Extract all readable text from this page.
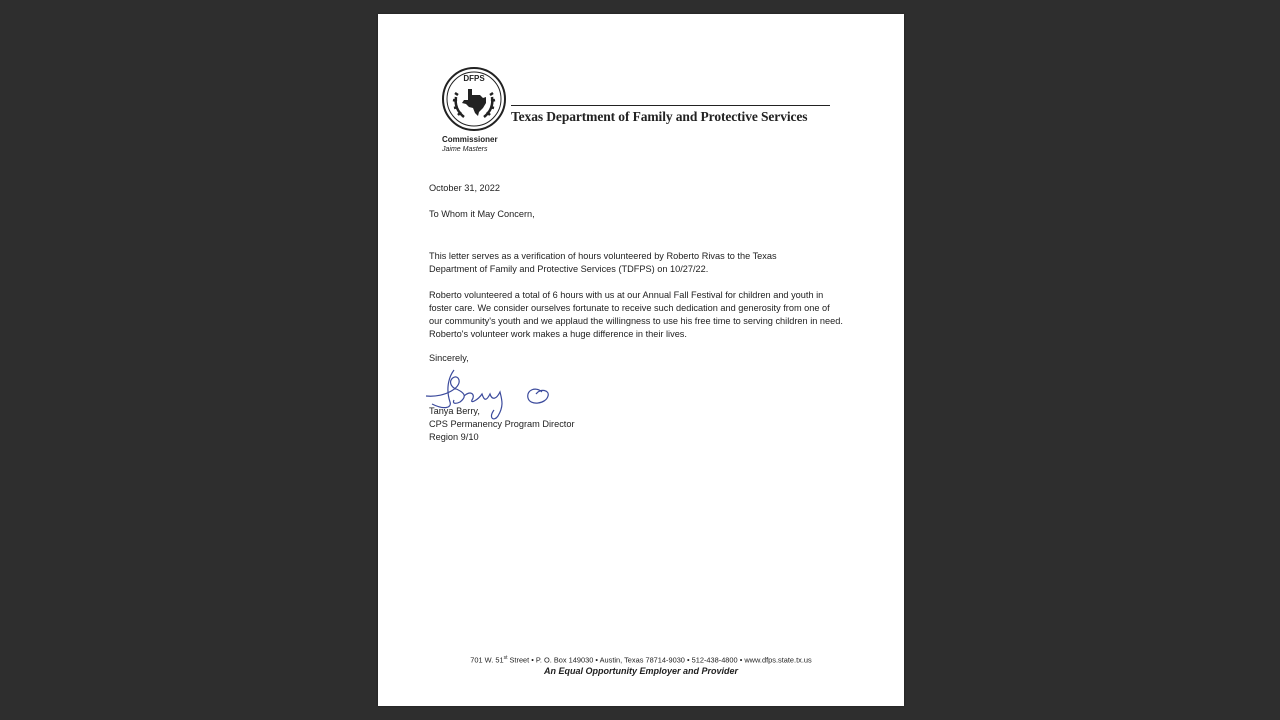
DFPS
Commissioner
Jaime Masters
Texas Department of Family and Protective Services
October 31, 2022
To Whom it May Concern,
This letter serves as a verification of hours volunteered by Roberto Rivas to the Texas Department of Family and Protective Services (TDFPS) on 10/27/22.
Roberto volunteered a total of 6 hours with us at our Annual Fall Festival for children and youth in foster care. We consider ourselves fortunate to receive such dedication and generosity from one of our community's youth and we applaud the willingness to use his free time to serving children in need. Roberto's volunteer work makes a huge difference in their lives.
Sincerely,
Tanya Berry,
CPS Permanency Program Director
Region 9/10
701 W. 51st Street • P. O. Box 149030 • Austin, Texas 78714-9030 • 512-438-4800 • www.dfps.state.tx.us
An Equal Opportunity Employer and Provider
